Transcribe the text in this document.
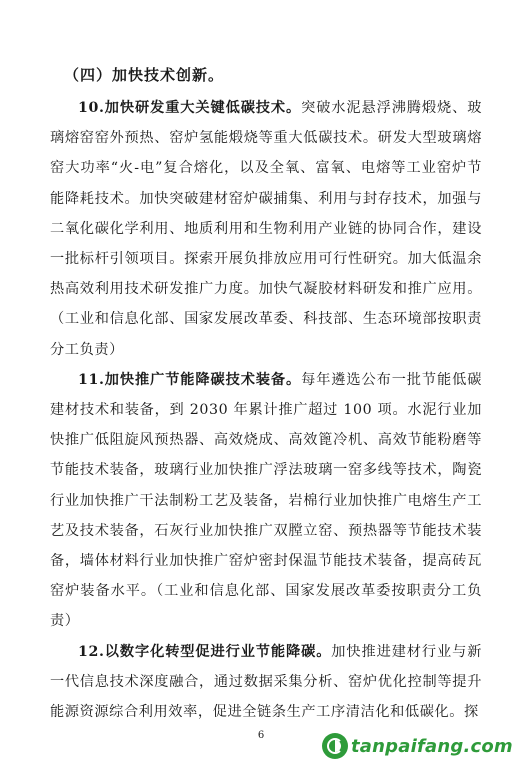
（四）加快技术创新。

10.加快研发重大关键低碳技术。突破水泥悬浮沸腾煅烧、玻璃熔窑窑外预热、窑炉氢能煅烧等重大低碳技术。研发大型玻璃熔窑大功率“火-电”复合熔化，以及全氧、富氧、电熔等工业窑炉节能降耗技术。加快突破建材窑炉碳捕集、利用与封存技术，加强与二氧化碳化学利用、地质利用和生物利用产业链的协同合作，建设一批标杆引领项目。探索开展负排放应用可行性研究。加大低温余热高效利用技术研发推广力度。加快气凝胶材料研发和推广应用。（工业和信息化部、国家发展改革委、科技部、生态环境部按职责分工负责）

11.加快推广节能降碳技术装备。每年遴选公布一批节能低碳建材技术和装备，到 2030 年累计推广超过 100 项。水泥行业加快推广低阻旋风预热器、高效烧成、高效篦冷机、高效节能粉磨等节能技术装备，玻璃行业加快推广浮法玻璃一窑多线等技术，陶瓷行业加快推广干法制粉工艺及装备，岩棉行业加快推广电熔生产工艺及技术装备，石灰行业加快推广双膛立窑、预热器等节能技术装备，墙体材料行业加快推广窑炉密封保温节能技术装备，提高砖瓦窑炉装备水平。（工业和信息化部、国家发展改革委按职责分工负责）

12.以数字化转型促进行业节能降碳。加快推进建材行业与新一代信息技术深度融合，通过数据采集分析、窑炉优化控制等提升能源资源综合利用效率，促进全链条生产工序清洁化和低碳化。探

6	tanpaifang.com
